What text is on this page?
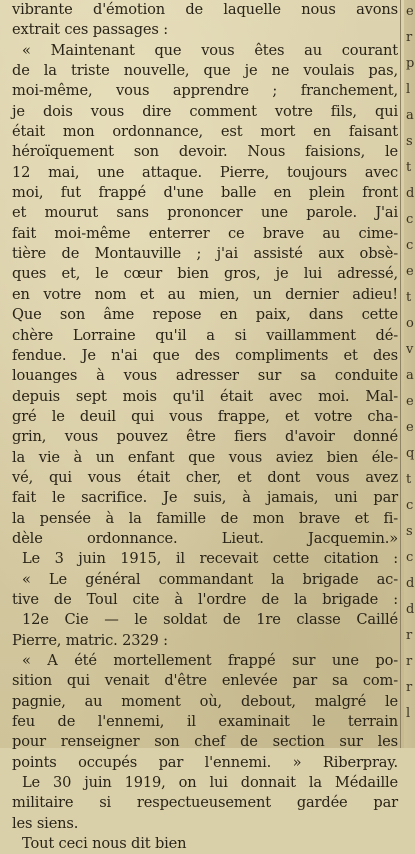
vibrante d'émotion de laquelle nous avons
extrait ces passages :
« Maintenant que vous êtes au courant
de la triste nouvelle, que je ne voulais pas,
moi-même, vous apprendre ; franchement,
je dois vous dire comment votre fils, qui
était mon ordonnance, est mort en faisant
héroïquement son devoir. Nous faisions, le
12 mai, une attaque. Pierre, toujours avec
moi, fut frappé d'une balle en plein front
et mourut sans prononcer une parole. J'ai
fait moi-même enterrer ce brave au cime-
tière de Montauville ; j'ai assisté aux obsè-
ques et, le cœur bien gros, je lui adressé,
en votre nom et au mien, un dernier adieu!
Que son âme repose en paix, dans cette
chère Lorraine qu'il a si vaillamment dé-
fendue. Je n'ai que des compliments et des
louanges à vous adresser sur sa conduite
depuis sept mois qu'il était avec moi. Mal-
gré le deuil qui vous frappe, et votre cha-
grin, vous pouvez être fiers d'avoir donné
la vie à un enfant que vous aviez bien éle-
vé, qui vous était cher, et dont vous avez
fait le sacrifice. Je suis, à jamais, uni par
la pensée à la famille de mon brave et fi-
dèle ordonnance. Lieut. Jacquemin.»
Le 3 juin 1915, il recevait cette citation :
« Le général commandant la brigade ac-
tive de Toul cite à l'ordre de la brigade :
12e Cie — le soldat de 1re classe Caillé
Pierre, matric. 2329 :
« A été mortellement frappé sur une po-
sition qui venait d'être enlevée par sa com-
pagnie, au moment où, debout, malgré le
feu de l'ennemi, il examinait le terrain
pour renseigner son chef de section sur les
points occupés par l'ennemi. » Riberpray.
Le 30 juin 1919, on lui donnait la Médaille
militaire si respectueusement gardée par
les siens.
Tout ceci nous dit bien
e
r
p
l
a
s
t
d
c
c
e
t
o
v
a
e
e
q
t
c
s
c
d
d
r
r
r
l
